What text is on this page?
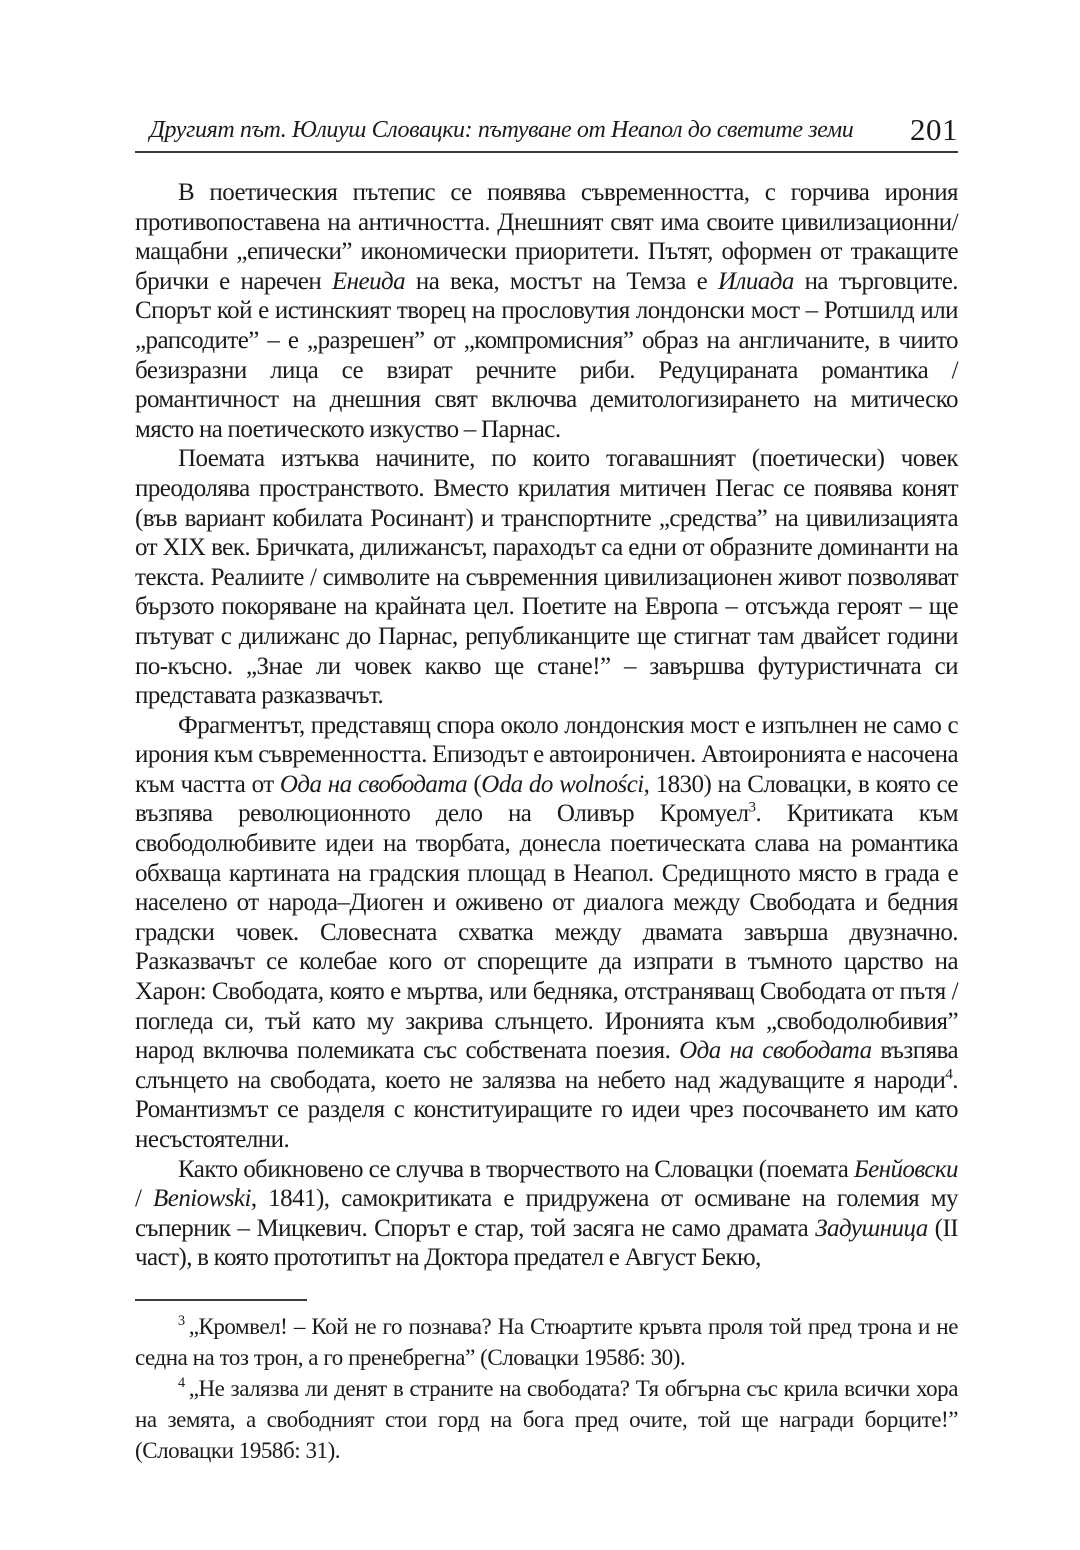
Другият път. Юлиуш Словацки: пътуване от Неапол до светите земи	201

В поетическия пътепис се появява съвременността, с горчива ирония противопоставена на античността. Днешният свят има своите цивилизационни/мащабни „епически” икономически приоритети. Пътят, оформен от тракащите брички е наречен Енеида на века, мостът на Темза е Илиада на търговците. Спорът кой е истинският творец на прословутия лондонски мост – Ротшилд или „рапсодите” – е „разрешен” от „компромисния” образ на англичаните, в чиито безизразни лица се взират речните риби. Редуцираната романтика / романтичност на днешния свят включва демитологизирането на митическо място на поетическото изкуство – Парнас.

Поемата изтъква начините, по които тогавашният (поетически) човек преодолява пространството. Вместо крилатия митичен Пегас се появява конят (във вариант кобилата Росинант) и транспортните „средства” на цивилизацията от XIX век. Бричката, дилижансът, параходът са едни от образните доминанти на текста. Реалиите / символите на съвременния цивилизационен живот позволяват бързото покоряване на крайната цел. Поетите на Европа – отсъжда героят – ще пътуват с дилижанс до Парнас, републиканците ще стигнат там двайсет години по-късно. „Знае ли човек какво ще стане!” – завършва футуристичната си представата разказвачът.

Фрагментът, представящ спора около лондонския мост е изпълнен не само с ирония към съвременността. Епизодът е автоироничен. Автоиронията е насочена към частта от Ода на свободата (Oda do wolności, 1830) на Словацки, в която се възпява революционното дело на Оливър Кромуел$^3$. Критиката към свободолюбивите идеи на творбата, донесла поетическата слава на романтика обхваща картината на градския площад в Неапол. Средищното място в града е населено от народа–Диоген и оживено от диалога между Свободата и бедния градски човек. Словесната схватка между двамата завърша двузначно. Разказвачът се колебае кого от спорещите да изпрати в тъмното царство на Харон: Свободата, която е мъртва, или бедняка, отстраняващ Свободата от пътя / погледа си, тъй като му закрива слънцето. Иронията към „свободолюбивия” народ включва полемиката със собствената поезия. Ода на свободата възпява слънцето на свободата, което не залязва на небето над жадуващите я народи$^4$. Романтизмът се разделя с конституиращите го идеи чрез посочването им като несъстоятелни.

Както обикновено се случва в творчеството на Словацки (поемата Бенйовски / Beniowski, 1841), самокритиката е придружена от осмиване на големия му съперник – Мицкевич. Спорът е стар, той засяга не само драмата Задушница (II част), в която прототипът на Доктора предател е Август Бекю,

$^3$ „Кромвел! – Кой не го познава? На Стюартите кръвта проля той пред трона и не седна на тоз трон, а го пренебрегна” (Словацки 1958б: 30).

$^4$ „Не залязва ли денят в страните на свободата? Тя обгърна със крила всички хора на земята, а свободният стои горд на бога пред очите, той ще награди борците!” (Словацки 1958б: 31).
